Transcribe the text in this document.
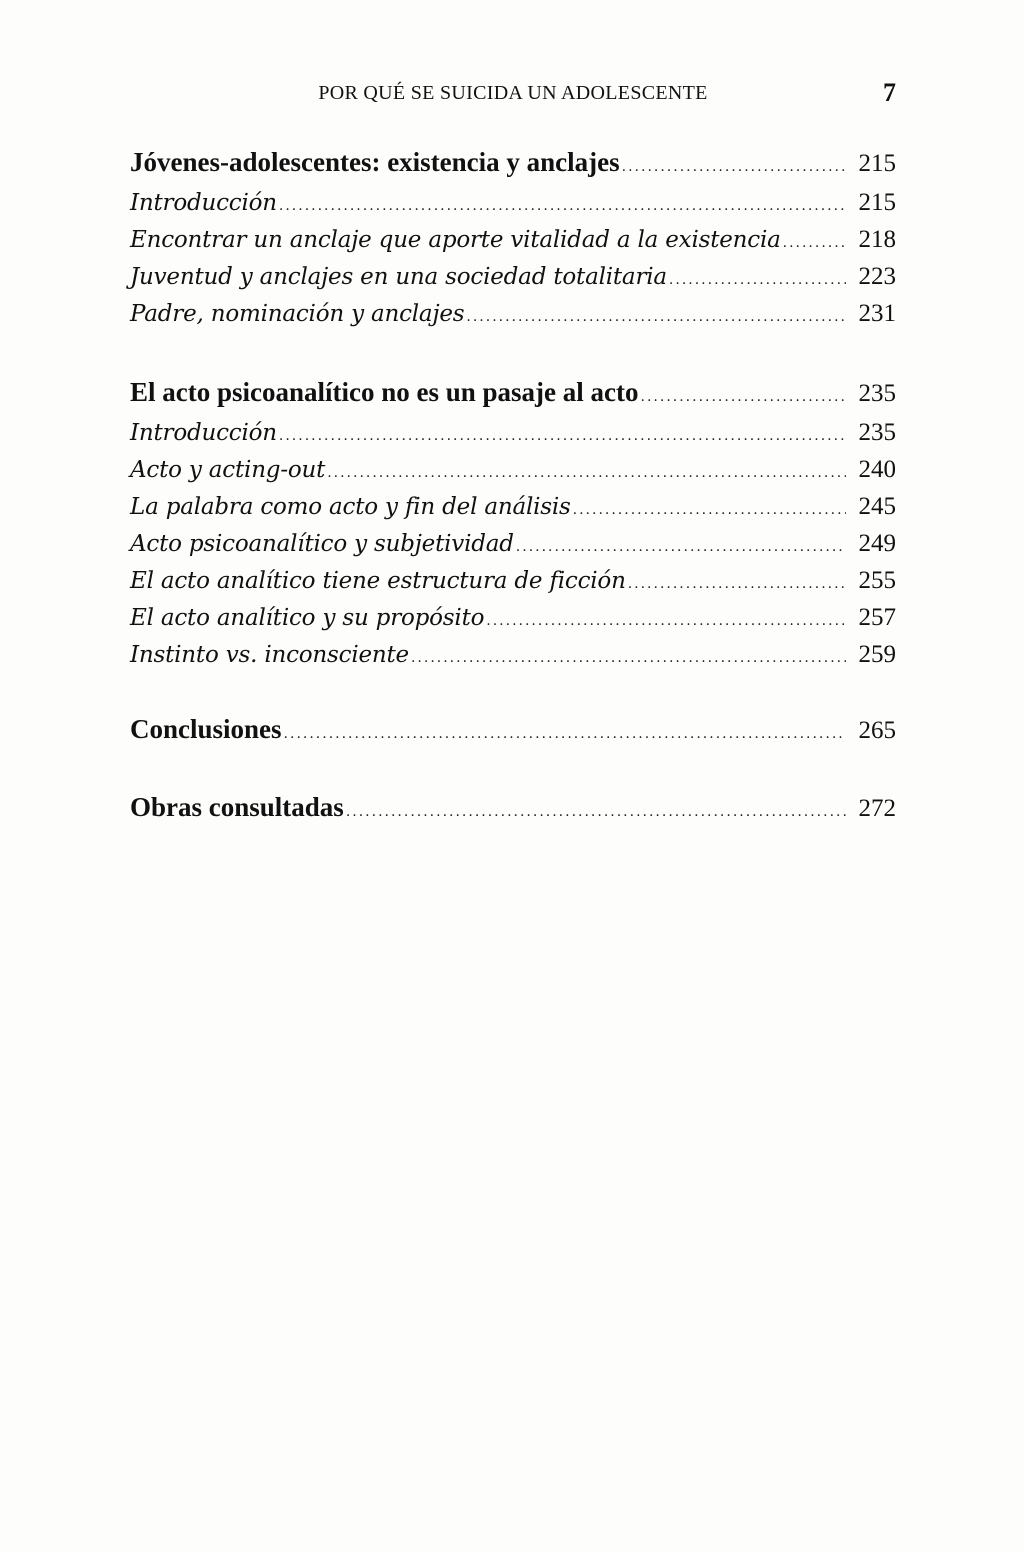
POR QUÉ SE SUICIDA UN ADOLESCENTE	7
Jóvenes-adolescentes: existencia y anclajes .....	215
Introducción .....	215
Encontrar un anclaje que aporte vitalidad a la existencia .....	218
Juventud y anclajes en una sociedad totalitaria .....	223
Padre, nominación y anclajes .....	231
El acto psicoanalítico no es un pasaje al acto .....	235
Introducción .....	235
Acto y acting-out .....	240
La palabra como acto y fin del análisis .....	245
Acto psicoanalítico y subjetividad .....	249
El acto analítico tiene estructura de ficción .....	255
El acto analítico y su propósito .....	257
Instinto vs. inconsciente .....	259
Conclusiones .....	265
Obras consultadas .....	272
